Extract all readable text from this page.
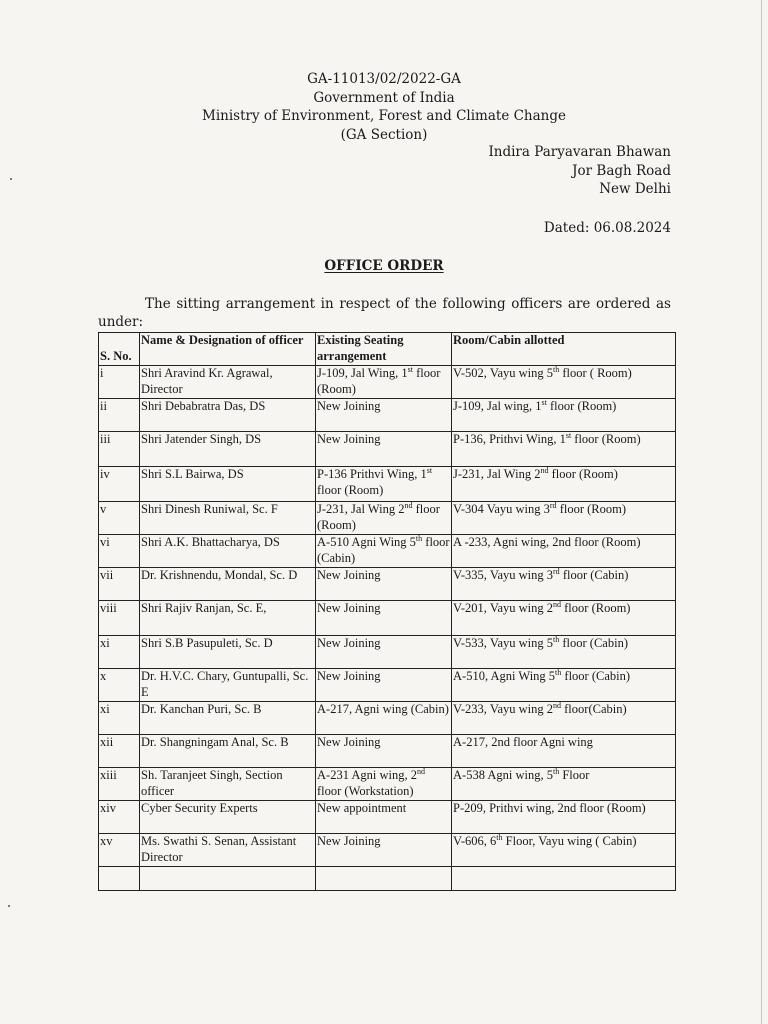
GA-11013/02/2022-GA
Government of India
Ministry of Environment, Forest and Climate Change
(GA Section)
Indira Paryavaran Bhawan
Jor Bagh Road
New Delhi
Dated: 06.08.2024
OFFICE ORDER
The sitting arrangement in respect of the following officers are ordered as under:
S. No.	Name & Designation of officer	Existing Seating arrangement	Room/Cabin allotted
i	Shri Aravind Kr. Agrawal, Director	J-109, Jal Wing, 1st floor (Room)	V-502, Vayu wing 5th floor ( Room)
ii	Shri Debabratra Das, DS	New Joining	J-109, Jal wing, 1st floor (Room)
iii	Shri Jatender Singh, DS	New Joining	P-136, Prithvi Wing, 1st floor (Room)
iv	Shri S.L Bairwa, DS	P-136 Prithvi Wing, 1st floor (Room)	J-231, Jal Wing 2nd floor (Room)
v	Shri Dinesh Runiwal, Sc. F	J-231, Jal Wing 2nd floor (Room)	V-304 Vayu wing 3rd floor (Room)
vi	Shri A.K. Bhattacharya, DS	A-510 Agni Wing 5th floor (Cabin)	A -233, Agni wing, 2nd floor (Room)
vii	Dr. Krishnendu, Mondal, Sc. D	New Joining	V-335, Vayu wing 3rd floor (Cabin)
viii	Shri Rajiv Ranjan, Sc. E,	New Joining	V-201, Vayu wing 2nd floor (Room)
xi	Shri S.B Pasupuleti, Sc. D	New Joining	V-533, Vayu wing 5th floor (Cabin)
x	Dr. H.V.C. Chary, Guntupalli, Sc. E	New Joining	A-510, Agni Wing 5th floor (Cabin)
xi	Dr. Kanchan Puri, Sc. B	A-217, Agni wing (Cabin)	V-233, Vayu wing 2nd floor(Cabin)
xii	Dr. Shangningam Anal, Sc. B	New Joining	A-217, 2nd floor Agni wing
xiii	Sh. Taranjeet Singh, Section officer	A-231 Agni wing, 2nd floor (Workstation)	A-538 Agni wing, 5th Floor
xiv	Cyber Security Experts	New appointment	P-209, Prithvi wing, 2nd floor (Room)
xv	Ms. Swathi S. Senan, Assistant Director	New Joining	V-606, 6th Floor, Vayu wing ( Cabin)
